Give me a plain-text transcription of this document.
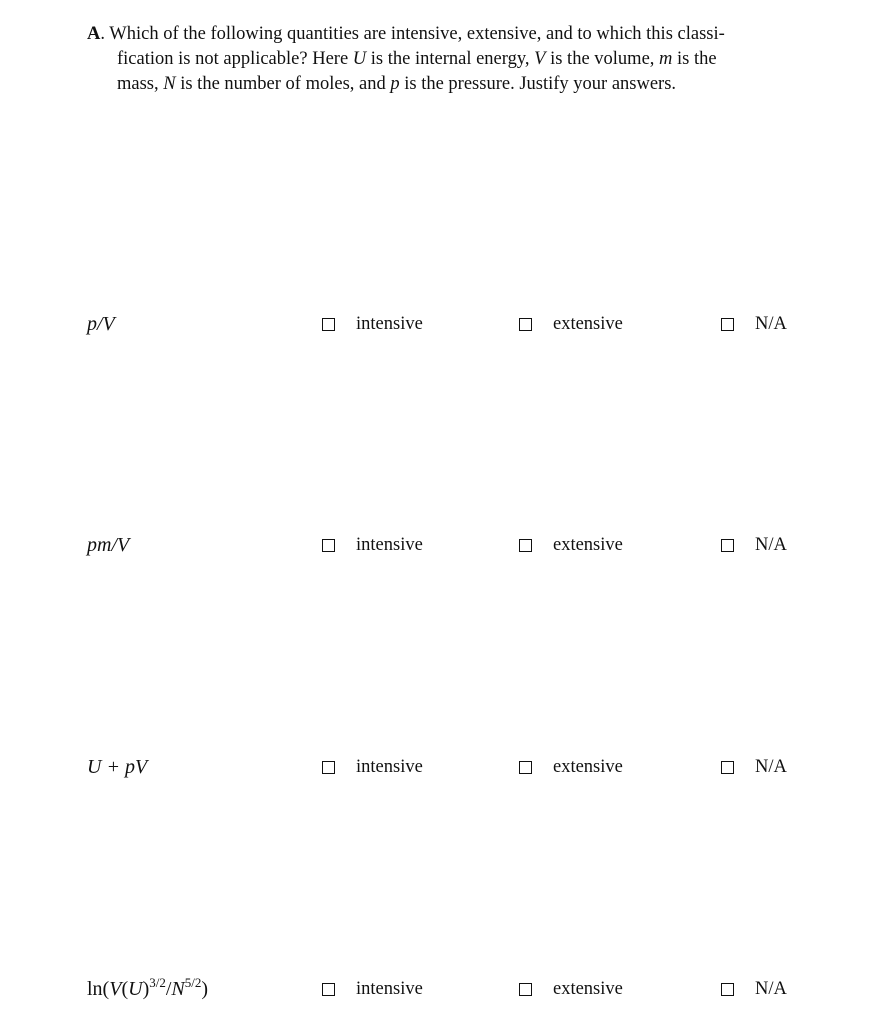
A. Which of the following quantities are intensive, extensive, and to which this classi-
fication is not applicable? Here U is the internal energy, V is the volume, m is the
mass, N is the number of moles, and p is the pressure. Justify your answers.
p/V	intensive	extensive	N/A
pm/V	intensive	extensive	N/A
U + pV	intensive	extensive	N/A
$\ln(V(U)^{3/2}/N^{5/2})$	intensive	extensive	N/A
